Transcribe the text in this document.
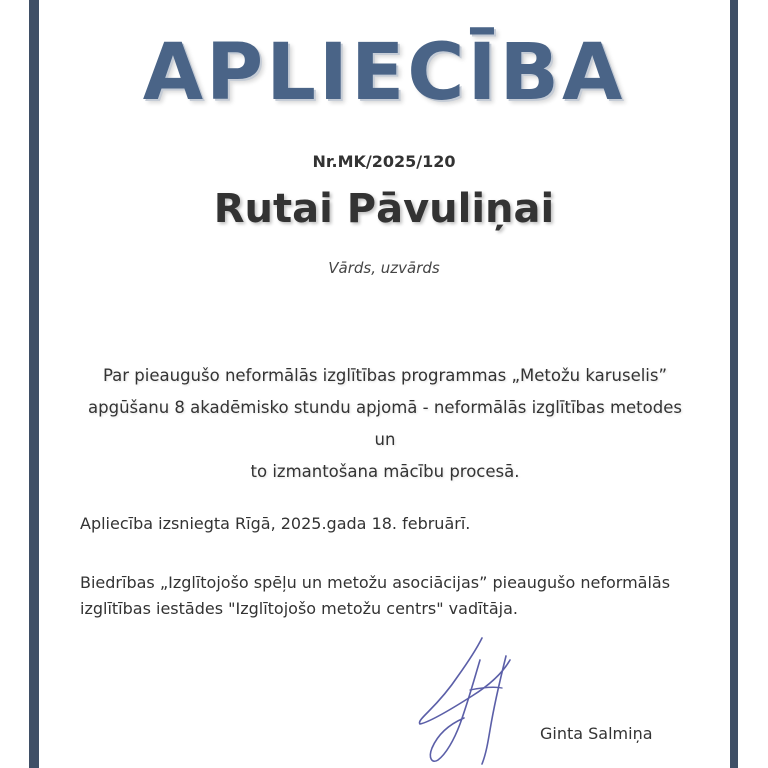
APLIECĪBA
Nr.MK/2025/120
Rutai Pāvuliņai
Vārds, uzvārds
Par pieaugušo neformālās izglītības programmas „Metožu karuselis”
apgūšanu 8 akadēmisko stundu apjomā - neformālās izglītības metodes un
to izmantošana mācību procesā.
Apliecība izsniegta Rīgā, 2025.gada 18. februārī.
Biedrības „Izglītojošo spēļu un metožu asociācijas” pieaugušo neformālās
izglītības iestādes "Izglītojošo metožu centrs" vadītāja.
Ginta Salmiņa
